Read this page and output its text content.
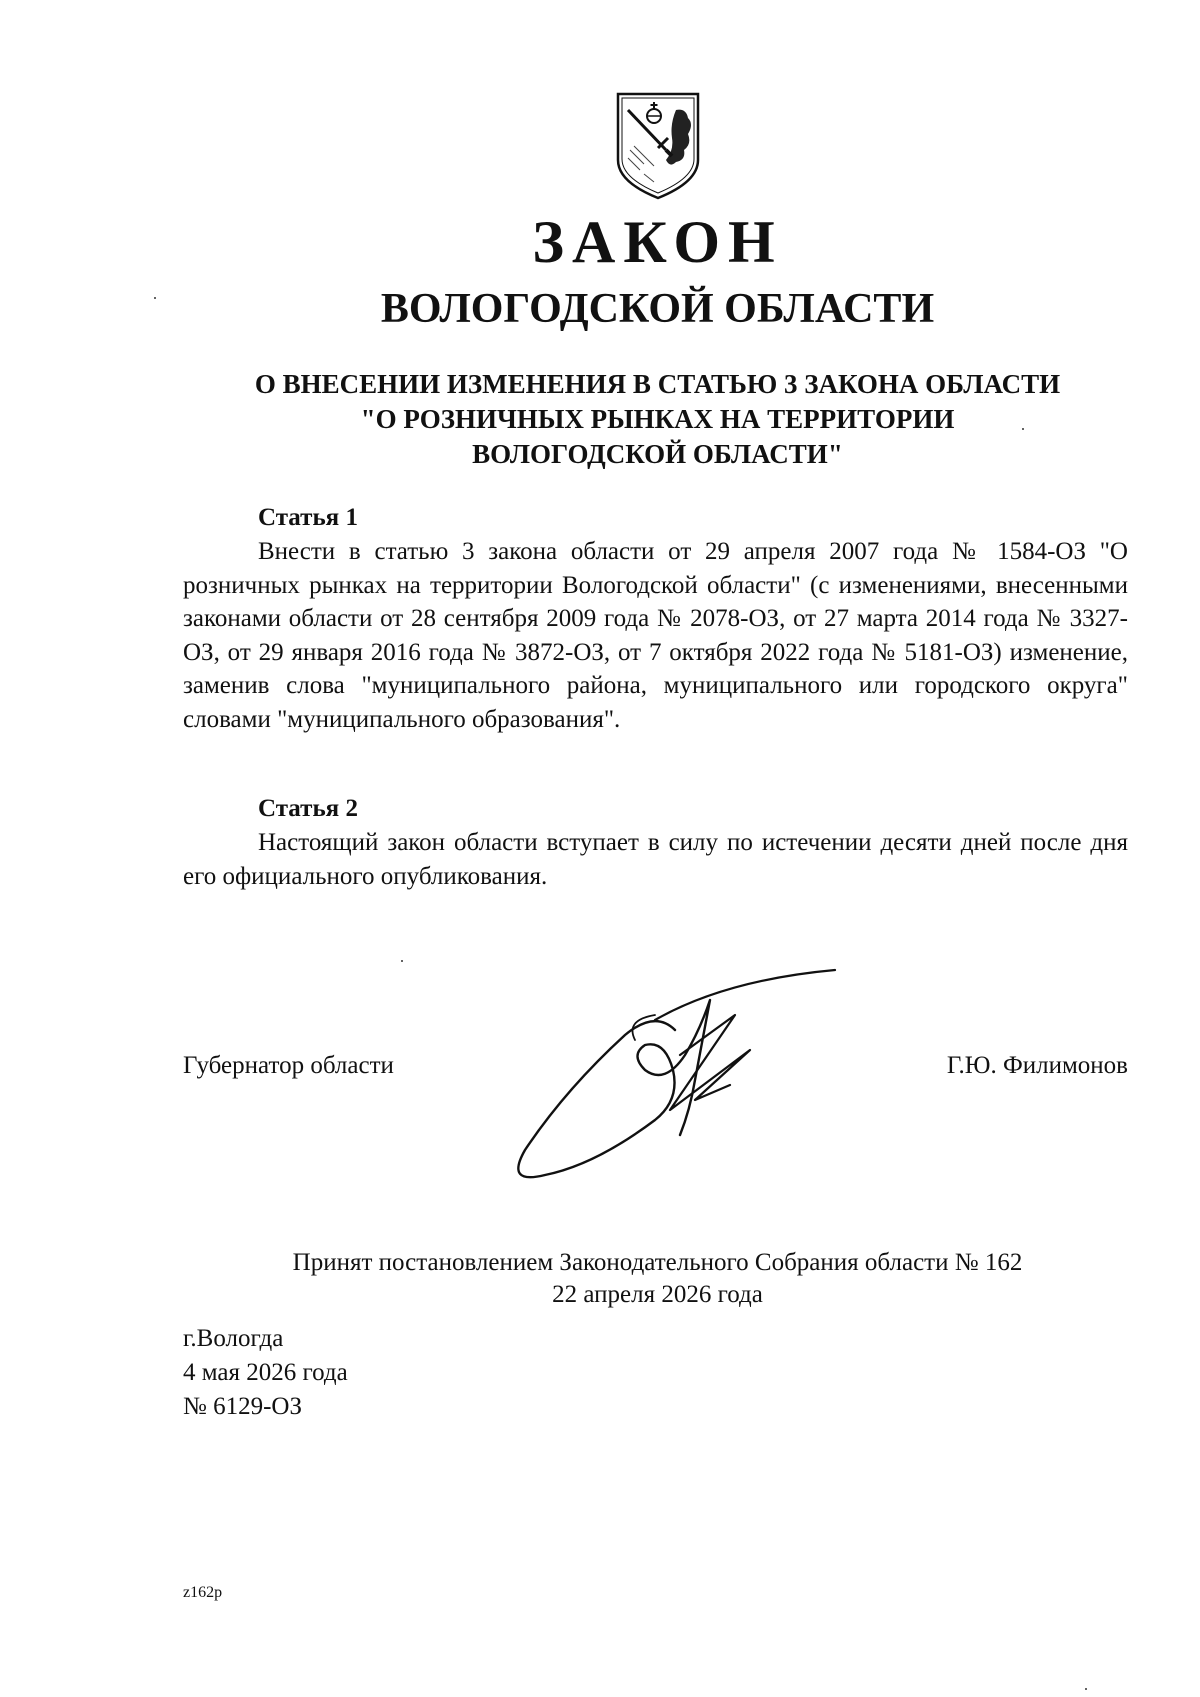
ЗАКОН
ВОЛОГОДСКОЙ ОБЛАСТИ
О ВНЕСЕНИИ ИЗМЕНЕНИЯ В СТАТЬЮ 3 ЗАКОНА ОБЛАСТИ
"О РОЗНИЧНЫХ РЫНКАХ НА ТЕРРИТОРИИ
ВОЛОГОДСКОЙ ОБЛАСТИ"
Статья 1

Внести в статью 3 закона области от 29 апреля 2007 года № 1584-ОЗ "О розничных рынках на территории Вологодской области" (с изменениями, внесенными законами области от 28 сентября 2009 года № 2078-ОЗ, от 27 марта 2014 года № 3327-ОЗ, от 29 января 2016 года № 3872-ОЗ, от 7 октября 2022 года № 5181-ОЗ) изменение, заменив слова "муниципального района, муниципального или городского округа" словами "муниципального образования".

Статья 2

Настоящий закон области вступает в силу по истечении десяти дней после дня его официального опубликования.

Губернатор области	Г.Ю. Филимонов
Принят постановлением Законодательного Собрания области № 162
22 апреля 2026 года
г.Вологда
4 мая 2026 года
№ 6129-ОЗ
z162p
